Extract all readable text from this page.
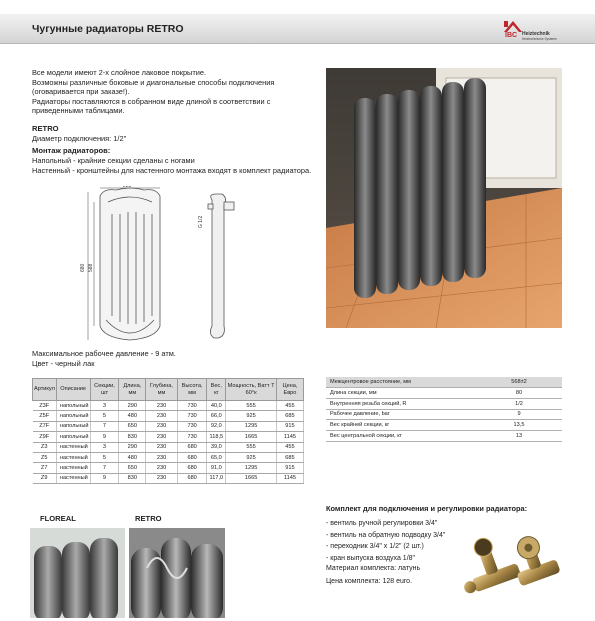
Чугунные радиаторы RETRO
IBC Heiztechnik
Heiztechnische Systeme

Все модели имеют 2-х слойное лаковое покрытие.

Возможны различные боковые и диагональные способы подключения (оговаривается при заказе!).

Радиаторы поставляются в собранном виде длиной в соответствии с приведенными таблицами.

RETRO
Диаметр подключения: 1/2"
Монтаж радиаторов:

Напольный - крайние секции сделаны с ногами

Настенный - кронштейны для настенного монтажа входят в комплект радиатора.

~228
680 588
G 1/2
Максимальное рабочее давление - 9 атм.
Цвет - черный лак
Артикул	Описание	Секции, шт	Длина, мм	Глубина, мм	Высота, мм	Вес, кг	Мощность, Ватт T 60°к	Цена, Евро
Z3F	напольный	3	290	230	730	40,0	555	455
Z5F	напольный	5	480	230	730	66,0	925	685
Z7F	напольный	7	650	230	730	92,0	1295	915
Z9F	напольный	9	830	230	730	118,5	1665	1145
Z3	настенный	3	290	230	680	39,0	555	455
Z5	настенный	5	480	230	680	65,0	925	685
Z7	настенный	7	650	230	680	91,0	1295	915
Z9	настенный	9	830	230	680	117,0	1665	1145
Межцентровое расстояние, мм	568±2
Длина секции, мм	80
Внутренняя резьба секций, R	1/2
Рабочее давление, bar	9
Вес крайней секции, кг	13,5
Вес центральной секции, кг	13
Комплект для подключения и регулировки радиатора:
- вентиль ручной регулировки 3/4"
- вентиль на обратную подводку 3/4"
- переходник 3/4" x 1/2" (2 шт.)
- кран выпуска воздуха 1/8"
Материал комплекта: латунь
Цена комплекта: 128 euro.
FLOREAL	RETRO
